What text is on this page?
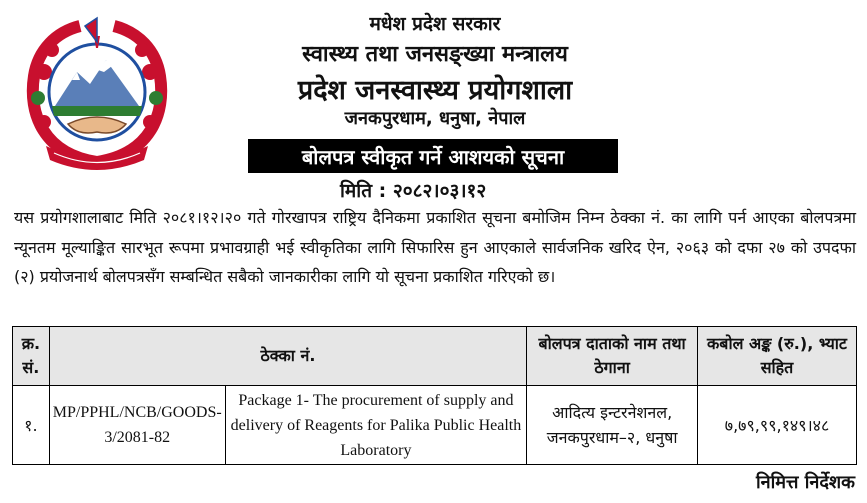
मधेश प्रदेश सरकार
स्वास्थ्य तथा जनसङ्ख्या मन्त्रालय
प्रदेश जनस्वास्थ्य प्रयोगशाला
जनकपुरधाम, धनुषा, नेपाल
बोलपत्र स्वीकृत गर्ने आशयको सूचना
मिति : २०८२।०३।१२

यस प्रयोगशालाबाट मिति २०८१।१२।२० गते गोरखापत्र राष्ट्रिय दैनिकमा प्रकाशित सूचना बमोजिम निम्न ठेक्का नं. का लागि पर्न आएका बोलपत्रमा न्यूनतम मूल्याङ्कित सारभूत रूपमा प्रभावग्राही भई स्वीकृतिका लागि सिफारिस हुन आएकाले सार्वजनिक खरिद ऐन, २०६३ को दफा २७ को उपदफा (२) प्रयोजनार्थ बोलपत्रसँग सम्बन्धित सबैको जानकारीका लागि यो सूचना प्रकाशित गरिएको छ।

क्र. सं.	ठेक्का नं.		बोलपत्र दाताको नाम तथा ठेगाना	कबोल अङ्क (रु.), भ्याट सहित
१.	MP/PPHL/NCB/GOODS-3/2081-82	Package 1- The procurement of supply and delivery of Reagents for Palika Public Health Laboratory	आदित्य इन्टरनेशनल, जनकपुरधाम–२, धनुषा	७,७९,९९,१४९।४८
निमित्त निर्देशक
